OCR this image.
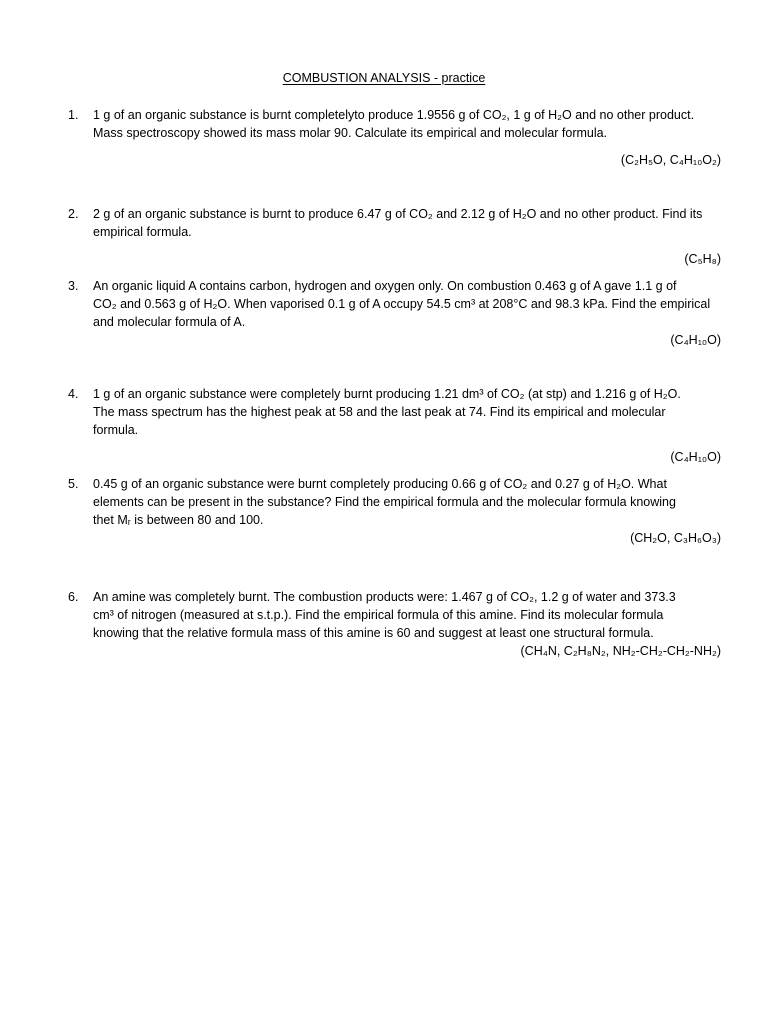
COMBUSTION ANALYSIS - practice
1.	1 g of an organic substance is burnt completelyto produce 1.9556 g of CO₂, 1 g of H₂O and no other product.
Mass spectroscopy showed its mass molar 90. Calculate its empirical and molecular formula.
(C₂H₅O, C₄H₁₀O₂)
2.	2 g of an organic substance is burnt to produce 6.47 g of CO₂ and 2.12 g of H₂O and no other product. Find its
empirical formula.
(C₅H₈)
3.	An organic liquid A contains carbon, hydrogen and oxygen only. On combustion 0.463 g of A gave 1.1 g of
CO₂ and 0.563 g of H₂O. When vaporised 0.1 g of A occupy 54.5 cm³ at 208°C and 98.3 kPa. Find the empirical
and molecular formula of A.
(C₄H₁₀O)
4.	1 g of an organic substance were completely burnt producing 1.21 dm³ of CO₂ (at stp) and 1.216 g of H₂O.
The mass spectrum has the highest peak at 58 and the last peak at 74. Find its empirical and molecular
formula.
(C₄H₁₀O)
5.	0.45 g of an organic substance were burnt completely producing 0.66 g of CO₂ and 0.27 g of H₂O. What
elements can be present in the substance? Find the empirical formula and the molecular formula knowing
thet Mᵣ is between 80 and 100.
(CH₂O, C₃H₆O₃)
6.	An amine was completely burnt. The combustion products were: 1.467 g of CO₂, 1.2 g of water and 373.3
cm³ of nitrogen (measured at s.t.p.). Find the empirical formula of this amine. Find its molecular formula
knowing that the relative formula mass of this amine is 60 and suggest at least one structural formula.
(CH₄N, C₂H₈N₂, NH₂-CH₂-CH₂-NH₂)
